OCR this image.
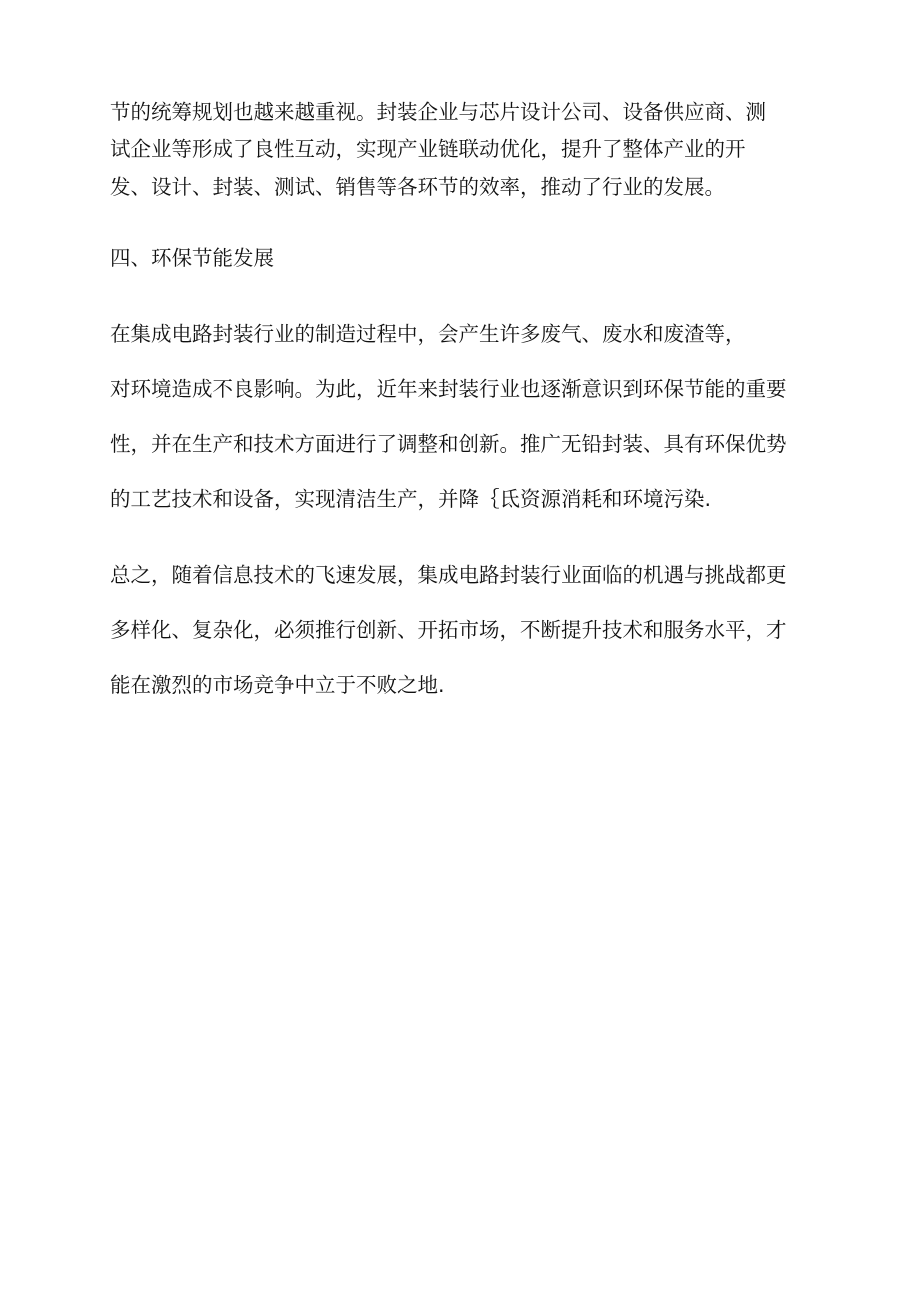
节的统筹规划也越来越重视。封装企业与芯片设计公司、设备供应商、测
试企业等形成了良性互动，实现产业链联动优化，提升了整体产业的开
发、设计、封装、测试、销售等各环节的效率，推动了行业的发展。
四、环保节能发展
在集成电路封装行业的制造过程中，会产生许多废气、废水和废渣等，
对环境造成不良影响。为此，近年来封装行业也逐渐意识到环保节能的重要
性，并在生产和技术方面进行了调整和创新。推广无铅封装、具有环保优势
的工艺技术和设备，实现清洁生产，并降｛氐资源消耗和环境污染.
总之，随着信息技术的飞速发展，集成电路封装行业面临的机遇与挑战都更
多样化、复杂化，必须推行创新、开拓市场，不断提升技术和服务水平，才
能在激烈的市场竞争中立于不败之地.
